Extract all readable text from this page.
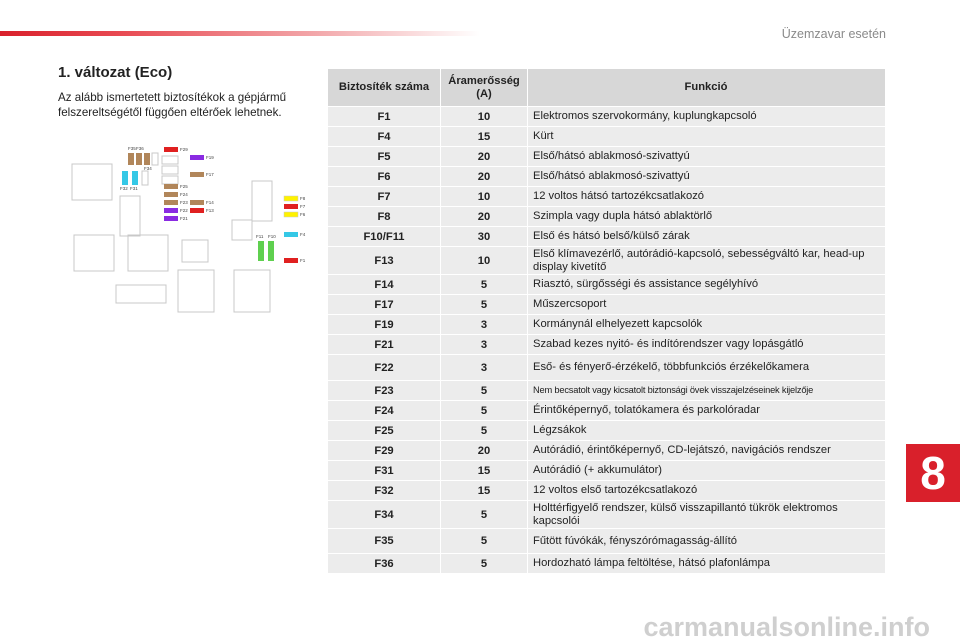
Üzemzavar esetén
1. változat (Eco)
Az alább ismertetett biztosítékok a gépjármű felszereltségétől függően eltérőek lehetnek.
F35 F36
F34
F32 F31
F29
F19
F17
F25
F24
F23
F22
F21
F14
F13
F8
F7
F6
F4
F11 F10
F1
Biztosíték száma	Áramerősség (A)	Funkció
F1	10	Elektromos szervokormány, kuplungkapcsoló
F4	15	Kürt
F5	20	Első/hátsó ablakmosó-szivattyú
F6	20	Első/hátsó ablakmosó-szivattyú
F7	10	12 voltos hátsó tartozékcsatlakozó
F8	20	Szimpla vagy dupla hátsó ablaktörlő
F10/F11	30	Első és hátsó belső/külső zárak
F13	10	Első klímavezérlő, autórádió-kapcsoló, sebességváltó kar, head-up display kivetítő
F14	5	Riasztó, sürgősségi és assistance segélyhívó
F17	5	Műszercsoport
F19	3	Kormánynál elhelyezett kapcsolók
F21	3	Szabad kezes nyitó- és indítórendszer vagy lopásgátló
F22	3	Eső- és fényerő-érzékelő, többfunkciós érzékelőkamera
F23	5	Nem becsatolt vagy kicsatolt biztonsági övek visszajelzéseinek kijelzője
F24	5	Érintőképernyő, tolatókamera és parkolóradar
F25	5	Légzsákok
F29	20	Autórádió, érintőképernyő, CD-lejátszó, navigációs rendszer
F31	15	Autórádió (+ akkumulátor)
F32	15	12 voltos első tartozékcsatlakozó
F34	5	Holttérfigyelő rendszer, külső visszapillantó tükrök elektromos kapcsolói
F35	5	Fűtött fúvókák, fényszórómagasság-állító
F36	5	Hordozható lámpa feltöltése, hátsó plafonlámpa
8
carmanualsonline.info
